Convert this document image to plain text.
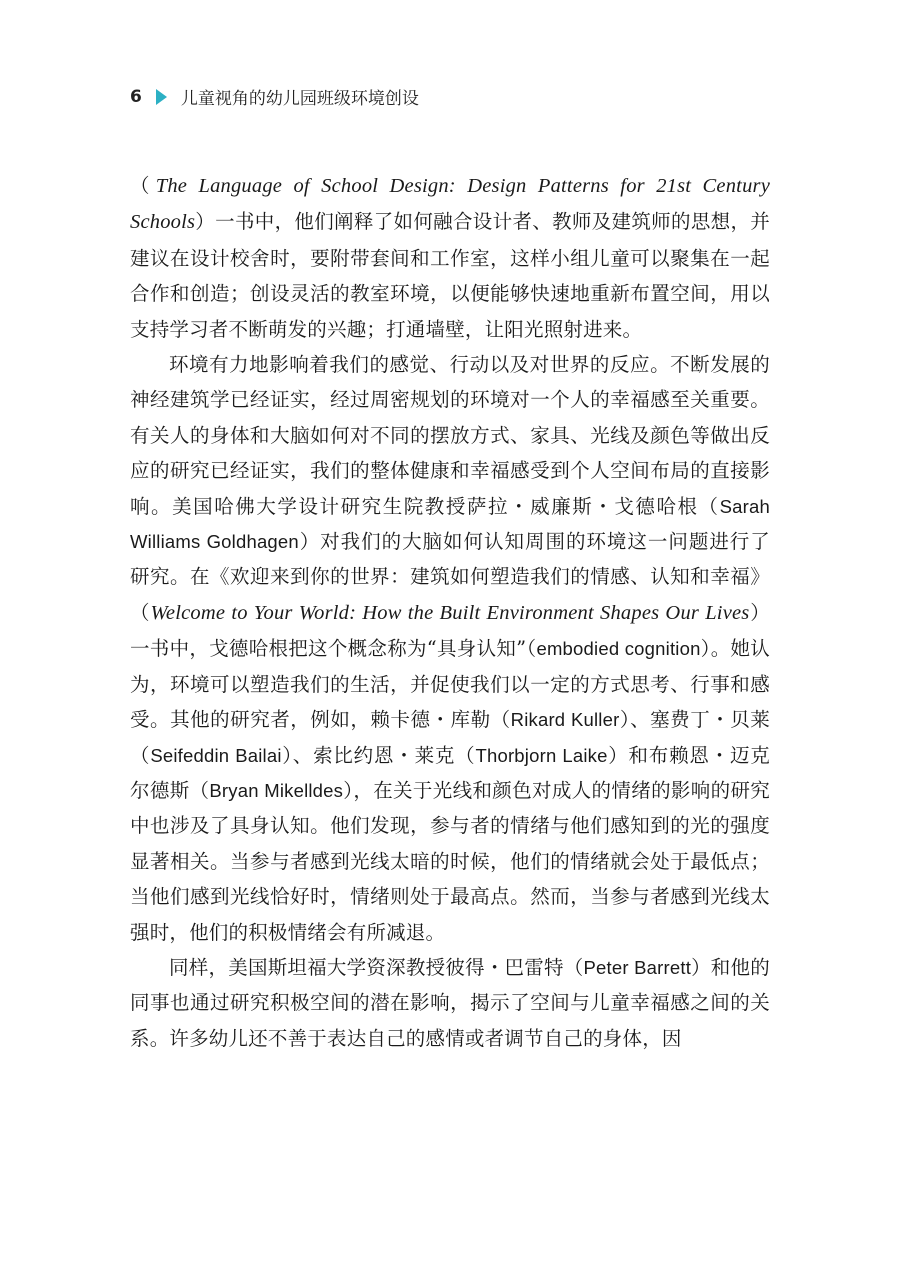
6 儿童视角的幼儿园班级环境创设

（The Language of School Design: Design Patterns for 21st Century Schools）一书中，他们阐释了如何融合设计者、教师及建筑师的思想，并建议在设计校舍时，要附带套间和工作室，这样小组儿童可以聚集在一起合作和创造；创设灵活的教室环境，以便能够快速地重新布置空间，用以支持学习者不断萌发的兴趣；打通墙壁，让阳光照射进来。

环境有力地影响着我们的感觉、行动以及对世界的反应。不断发展的神经建筑学已经证实，经过周密规划的环境对一个人的幸福感至关重要。有关人的身体和大脑如何对不同的摆放方式、家具、光线及颜色等做出反应的研究已经证实，我们的整体健康和幸福感受到个人空间布局的直接影响。美国哈佛大学设计研究生院教授萨拉・威廉斯・戈德哈根（Sarah Williams Goldhagen）对我们的大脑如何认知周围的环境这一问题进行了研究。在《欢迎来到你的世界：建筑如何塑造我们的情感、认知和幸福》（Welcome to Your World: How the Built Environment Shapes Our Lives）一书中，戈德哈根把这个概念称为“具身认知”（embodied cognition）。她认为，环境可以塑造我们的生活，并促使我们以一定的方式思考、行事和感受。其他的研究者，例如，赖卡德・库勒（Rikard Kuller）、塞费丁・贝莱（Seifeddin Bailai）、索比约恩・莱克（Thorbjorn Laike）和布赖恩・迈克尔德斯（Bryan Mikelldes），在关于光线和颜色对成人的情绪的影响的研究中也涉及了具身认知。他们发现，参与者的情绪与他们感知到的光的强度显著相关。当参与者感到光线太暗的时候，他们的情绪就会处于最低点；当他们感到光线恰好时，情绪则处于最高点。然而，当参与者感到光线太强时，他们的积极情绪会有所减退。

同样，美国斯坦福大学资深教授彼得・巴雷特（Peter Barrett）和他的同事也通过研究积极空间的潜在影响，揭示了空间与儿童幸福感之间的关系。许多幼儿还不善于表达自己的感情或者调节自己的身体，因
